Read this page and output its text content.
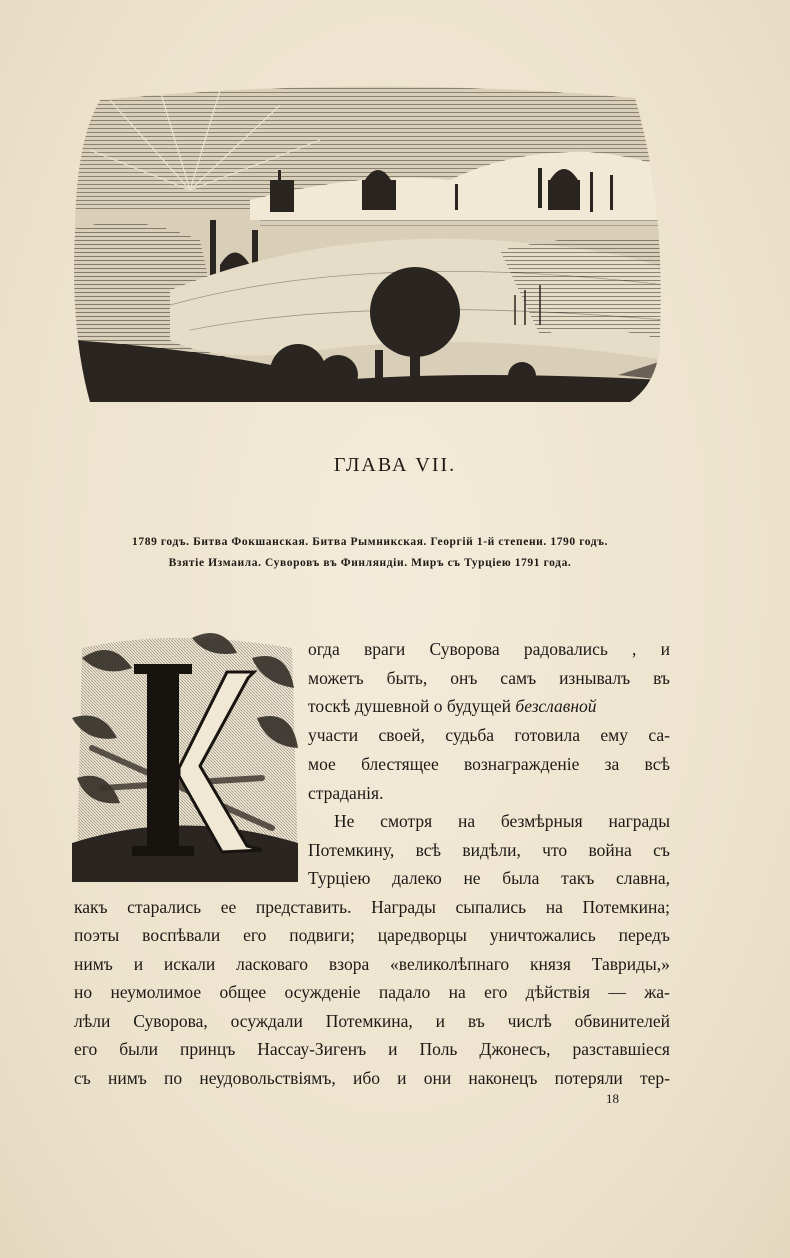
ГЛАВА VII.
1789 годъ. Битва Фокшанская. Битва Рымникская. Георгій 1-й степени. 1790 годъ.
Взятіе Измаила. Суворовъ въ Финляндіи. Миръ съ Турціею 1791 года.
К
огда враги Суворова радовались , и
можетъ быть, онъ самъ изнывалъ въ
тоскѣ душевной о будущей безславной
участи своей, судьба готовила ему са-
мое блестящее вознагражденіе за всѣ
страданія.
Не смотря на безмѣрныя награды
Потемкину, всѣ видѣли, что война съ
Турціею далеко не была такъ славна,
какъ старались ее представить. Награды сыпались на Потемкина;
поэты воспѣвали его подвиги; царедворцы уничтожались передъ
нимъ и искали ласковаго взора «великолѣпнаго князя Тавриды,»
но неумолимое общее осужденіе падало на его дѣйствія — жа-
лѣли Суворова, осуждали Потемкина, и въ числѣ обвинителей
его были принцъ Нассау-Зигенъ и Поль Джонесъ, разставшіеся
съ нимъ по неудовольствіямъ, ибо и они наконецъ потеряли тер-
18
